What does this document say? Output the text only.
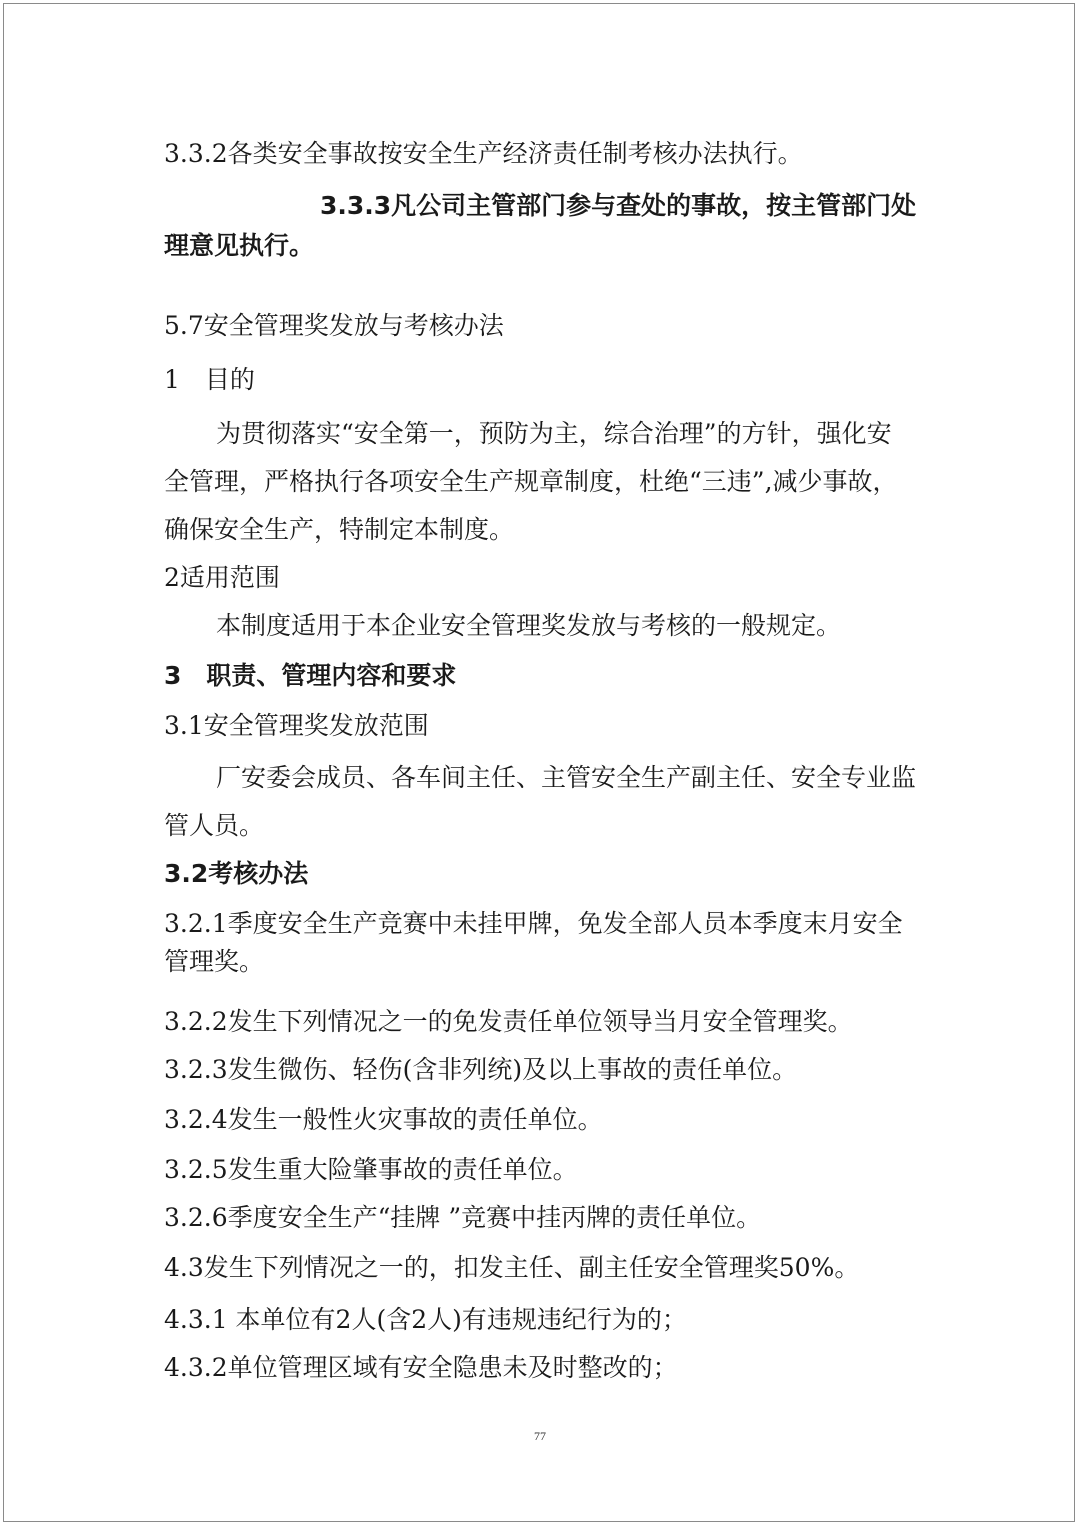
3.3.2各类安全事故按安全生产经济责任制考核办法执行。
3.3.3凡公司主管部门参与查处的事故，按主管部门处
理意见执行。
5.7安全管理奖发放与考核办法
1　目的
为贯彻落实“安全第一，预防为主，综合治理”的方针，强化安
全管理，严格执行各项安全生产规章制度，杜绝“三违”,减少事故，
确保安全生产，特制定本制度。
2适用范围
本制度适用于本企业安全管理奖发放与考核的一般规定。
3　职责、管理内容和要求
3.1安全管理奖发放范围
厂安委会成员、各车间主任、主管安全生产副主任、安全专业监
管人员。
3.2考核办法
3.2.1季度安全生产竞赛中未挂甲牌，免发全部人员本季度末月安全
管理奖。
3.2.2发生下列情况之一的免发责任单位领导当月安全管理奖。
3.2.3发生微伤、轻伤(含非列统)及以上事故的责任单位。
3.2.4发生一般性火灾事故的责任单位。
3.2.5发生重大险肇事故的责任单位。
3.2.6季度安全生产“挂牌 ”竞赛中挂丙牌的责任单位。
4.3发生下列情况之一的，扣发主任、副主任安全管理奖50%。
4.3.1 本单位有2人(含2人)有违规违纪行为的；
4.3.2单位管理区域有安全隐患未及时整改的；
77
